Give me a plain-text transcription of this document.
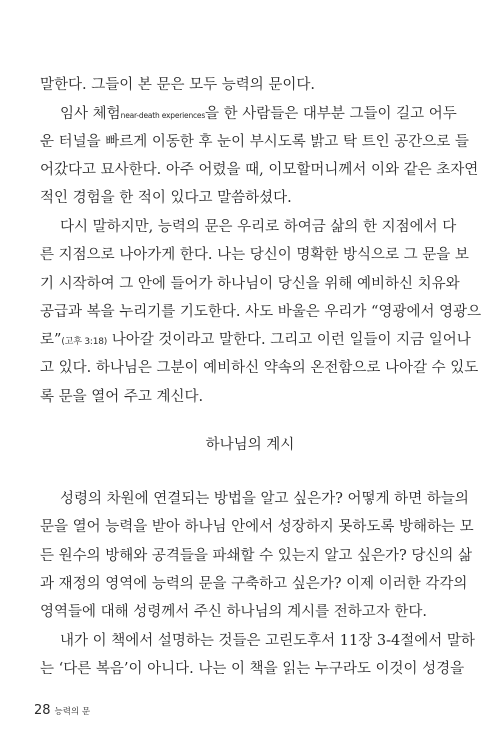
말한다. 그들이 본 문은 모두 능력의 문이다.
임사 체험near-death experiences을 한 사람들은 대부분 그들이 길고 어두
운 터널을 빠르게 이동한 후 눈이 부시도록 밝고 탁 트인 공간으로 들
어갔다고 묘사한다. 아주 어렸을 때, 이모할머니께서 이와 같은 초자연
적인 경험을 한 적이 있다고 말씀하셨다.
다시 말하지만, 능력의 문은 우리로 하여금 삶의 한 지점에서 다
른 지점으로 나아가게 한다. 나는 당신이 명확한 방식으로 그 문을 보
기 시작하여 그 안에 들어가 하나님이 당신을 위해 예비하신 치유와
공급과 복을 누리기를 기도한다. 사도 바울은 우리가 “영광에서 영광으
로”(고후 3:18) 나아갈 것이라고 말한다. 그리고 이런 일들이 지금 일어나
고 있다. 하나님은 그분이 예비하신 약속의 온전함으로 나아갈 수 있도
록 문을 열어 주고 계신다.
하나님의 계시
성령의 차원에 연결되는 방법을 알고 싶은가? 어떻게 하면 하늘의
문을 열어 능력을 받아 하나님 안에서 성장하지 못하도록 방해하는 모
든 원수의 방해와 공격들을 파쇄할 수 있는지 알고 싶은가? 당신의 삶
과 재정의 영역에 능력의 문을 구축하고 싶은가? 이제 이러한 각각의
영역들에 대해 성령께서 주신 하나님의 계시를 전하고자 한다.
내가 이 책에서 설명하는 것들은 고린도후서 11장 3-4절에서 말하
는 ‘다른 복음’이 아니다. 나는 이 책을 읽는 누구라도 이것이 성경을
28 능력의 문
